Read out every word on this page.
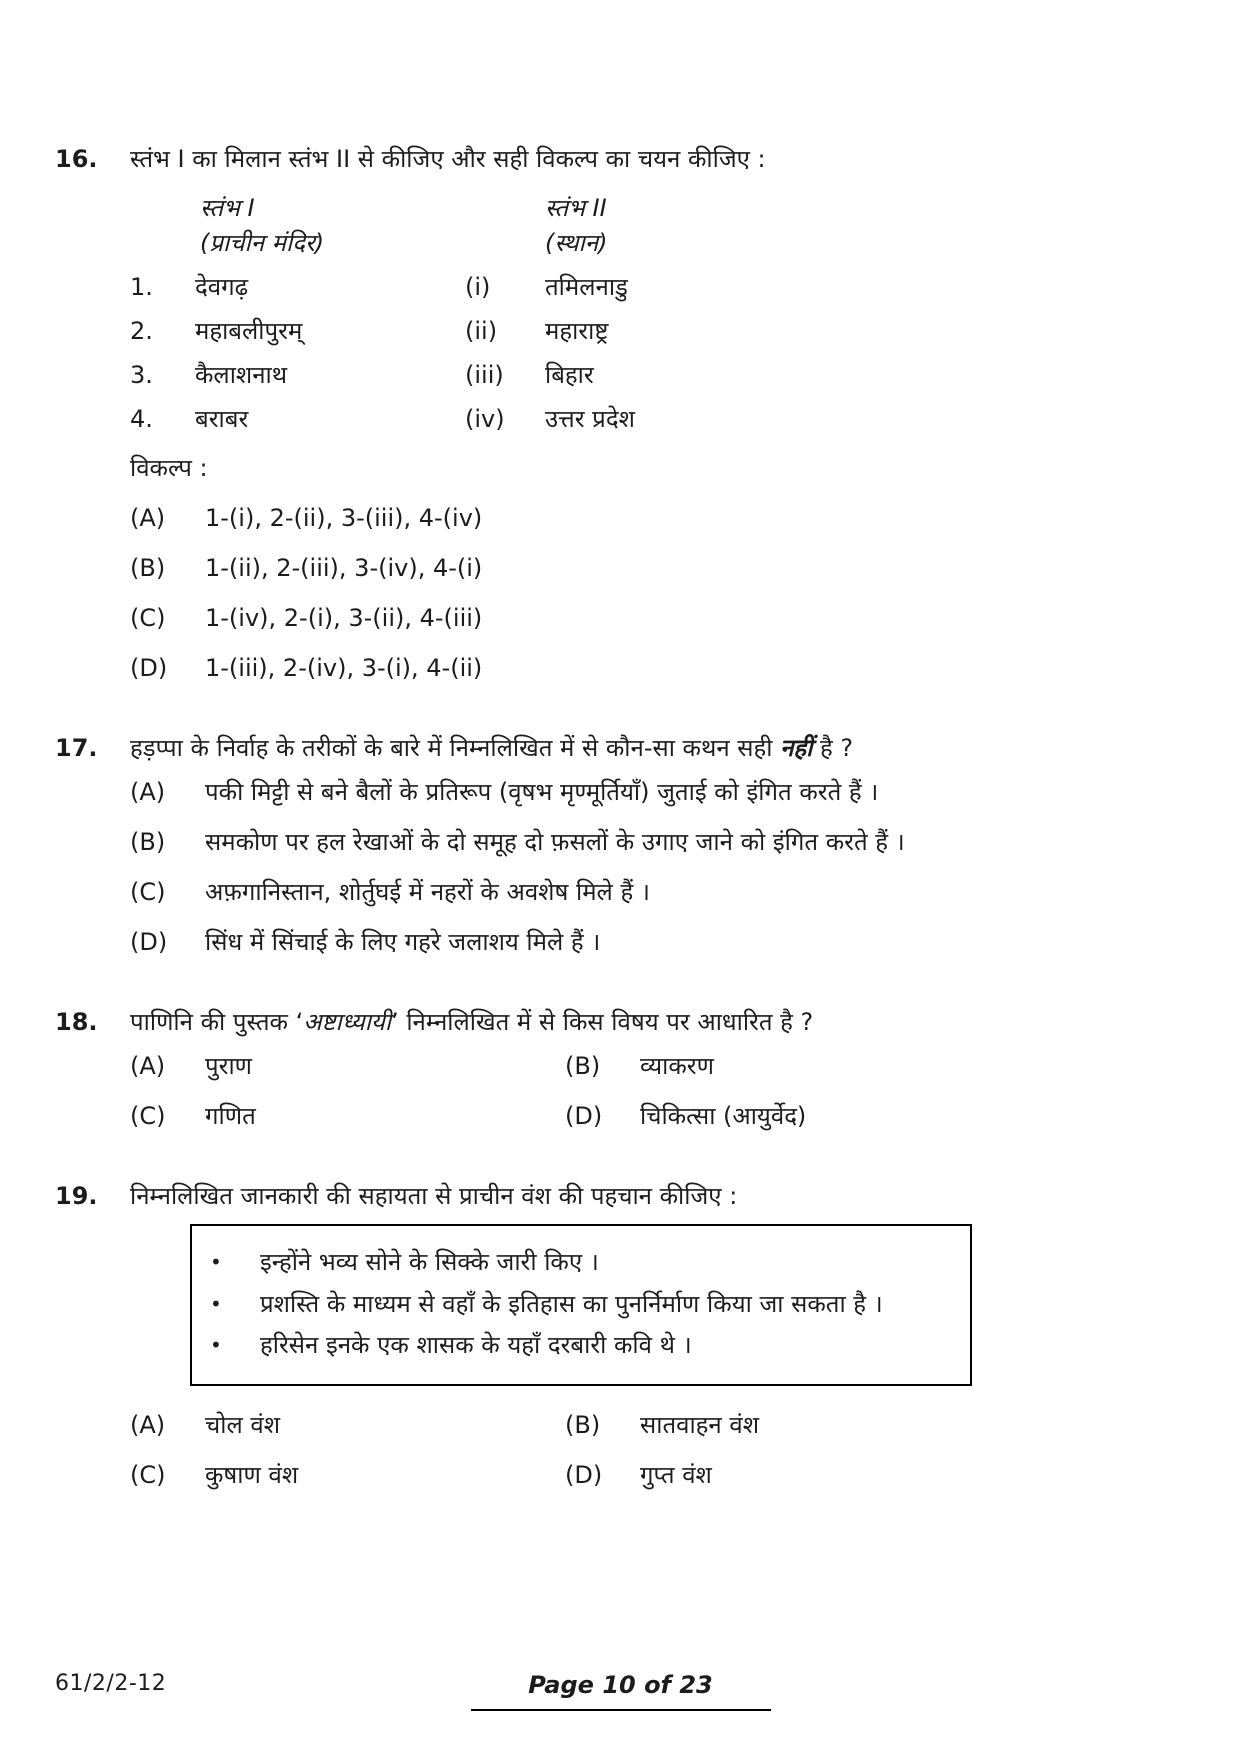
16.	स्तंभ I का मिलान स्तंभ II से कीजिए और सही विकल्प का चयन कीजिए :
स्तंभ I	स्तंभ II
(प्राचीन मंदिर)	(स्थान)
1.	देवगढ़	(i)	तमिलनाडु
2.	महाबलीपुरम्	(ii)	महाराष्ट्र
3.	कैलाशनाथ	(iii)	बिहार
4.	बराबर	(iv)	उत्तर प्रदेश
विकल्प :
(A)	1-(i), 2-(ii), 3-(iii), 4-(iv)
(B)	1-(ii), 2-(iii), 3-(iv), 4-(i)
(C)	1-(iv), 2-(i), 3-(ii), 4-(iii)
(D)	1-(iii), 2-(iv), 3-(i), 4-(ii)
17.	हड़प्पा के निर्वाह के तरीकों के बारे में निम्नलिखित में से कौन-सा कथन सही नहीं है ?
(A)	पकी मिट्टी से बने बैलों के प्रतिरूप (वृषभ मृण्मूर्तियाँ) जुताई को इंगित करते हैं ।
(B)	समकोण पर हल रेखाओं के दो समूह दो फ़सलों के उगाए जाने को इंगित करते हैं ।
(C)	अफ़गानिस्तान, शोर्तुघई में नहरों के अवशेष मिले हैं ।
(D)	सिंध में सिंचाई के लिए गहरे जलाशय मिले हैं ।
18.	पाणिनि की पुस्तक ‘अष्टाध्यायी’ निम्नलिखित में से किस विषय पर आधारित है ?
(A)	पुराण	(B)	व्याकरण
(C)	गणित	(D)	चिकित्सा (आयुर्वेद)
19.	निम्नलिखित जानकारी की सहायता से प्राचीन वंश की पहचान कीजिए :
•	इन्होंने भव्य सोने के सिक्के जारी किए ।
•	प्रशस्ति के माध्यम से वहाँ के इतिहास का पुनर्निर्माण किया जा सकता है ।
•	हरिसेन इनके एक शासक के यहाँ दरबारी कवि थे ।
(A)	चोल वंश	(B)	सातवाहन वंश
(C)	कुषाण वंश	(D)	गुप्त वंश
61/2/2-12	Page 10 of 23
